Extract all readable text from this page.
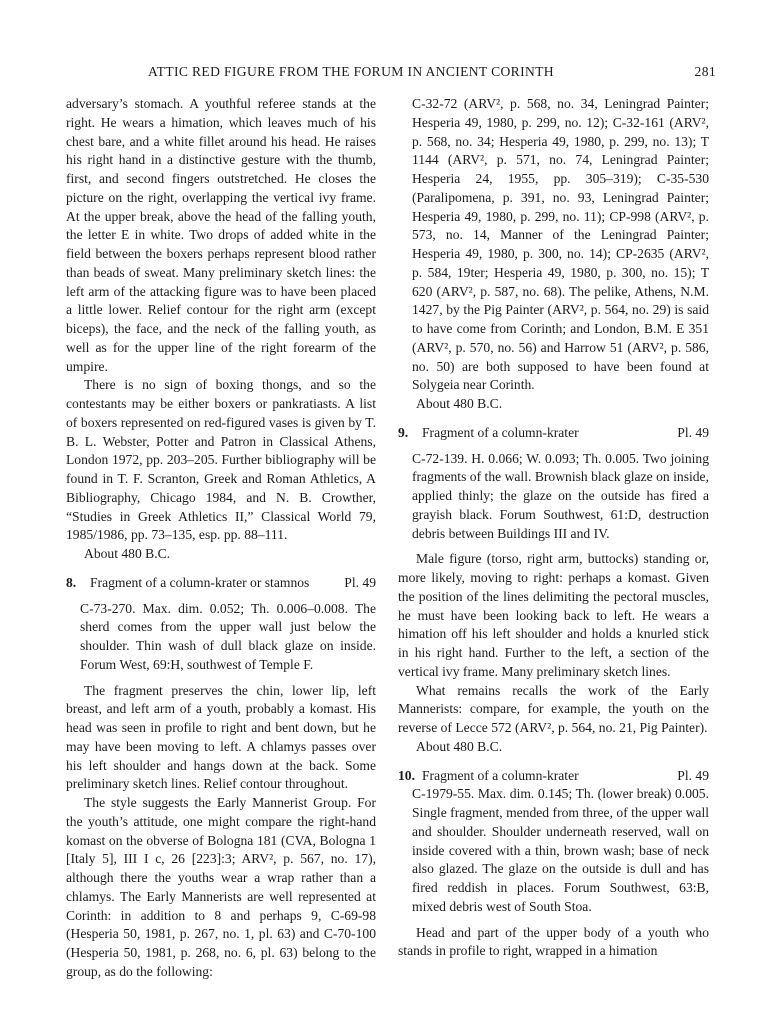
ATTIC RED FIGURE FROM THE FORUM IN ANCIENT CORINTH	281

adversary’s stomach. A youthful referee stands at the right. He wears a himation, which leaves much of his chest bare, and a white fillet around his head. He raises his right hand in a distinctive gesture with the thumb, first, and second fingers outstretched. He closes the picture on the right, overlapping the vertical ivy frame. At the upper break, above the head of the falling youth, the letter E in white. Two drops of added white in the field between the boxers perhaps represent blood rather than beads of sweat. Many preliminary sketch lines: the left arm of the attacking figure was to have been placed a little lower. Relief contour for the right arm (except biceps), the face, and the neck of the falling youth, as well as for the upper line of the right forearm of the umpire.

There is no sign of boxing thongs, and so the contestants may be either boxers or pankratiasts. A list of boxers represented on red-figured vases is given by T. B. L. Webster, Potter and Patron in Classical Athens, London 1972, pp. 203–205. Further bibliography will be found in T. F. Scranton, Greek and Roman Athletics, A Bibliography, Chicago 1984, and N. B. Crowther, “Studies in Greek Athletics II,” Classical World 79, 1985/1986, pp. 73–135, esp. pp. 88–111.

About 480 B.C.

8.	Fragment of a column-krater or stamnos	Pl. 49

C-73-270. Max. dim. 0.052; Th. 0.006–0.008. The sherd comes from the upper wall just below the shoulder. Thin wash of dull black glaze on inside. Forum West, 69:H, southwest of Temple F.

The fragment preserves the chin, lower lip, left breast, and left arm of a youth, probably a komast. His head was seen in profile to right and bent down, but he may have been moving to left. A chlamys passes over his left shoulder and hangs down at the back. Some preliminary sketch lines. Relief contour throughout.

The style suggests the Early Mannerist Group. For the youth’s attitude, one might compare the right-hand komast on the obverse of Bologna 181 (CVA, Bologna 1 [Italy 5], III I c, 26 [223]:3; ARV², p. 567, no. 17), although there the youths wear a wrap rather than a chlamys. The Early Mannerists are well represented at Corinth: in addition to 8 and perhaps 9, C-69-98 (Hesperia 50, 1981, p. 267, no. 1, pl. 63) and C-70-100 (Hesperia 50, 1981, p. 268, no. 6, pl. 63) belong to the group, as do the following:

C-32-72 (ARV², p. 568, no. 34, Leningrad Painter; Hesperia 49, 1980, p. 299, no. 12); C-32-161 (ARV², p. 568, no. 34; Hesperia 49, 1980, p. 299, no. 13); T 1144 (ARV², p. 571, no. 74, Leningrad Painter; Hesperia 24, 1955, pp. 305–319); C-35-530 (Paralipomena, p. 391, no. 93, Leningrad Painter; Hesperia 49, 1980, p. 299, no. 11); CP-998 (ARV², p. 573, no. 14, Manner of the Leningrad Painter; Hesperia 49, 1980, p. 300, no. 14); CP-2635 (ARV², p. 584, 19ter; Hesperia 49, 1980, p. 300, no. 15); T 620 (ARV², p. 587, no. 68). The pelike, Athens, N.M. 1427, by the Pig Painter (ARV², p. 564, no. 29) is said to have come from Corinth; and London, B.M. E 351 (ARV², p. 570, no. 56) and Harrow 51 (ARV², p. 586, no. 50) are both supposed to have been found at Solygeia near Corinth.

About 480 B.C.

9.	Fragment of a column-krater	Pl. 49

C-72-139. H. 0.066; W. 0.093; Th. 0.005. Two joining fragments of the wall. Brownish black glaze on inside, applied thinly; the glaze on the outside has fired a grayish black. Forum Southwest, 61:D, destruction debris between Buildings III and IV.

Male figure (torso, right arm, buttocks) standing or, more likely, moving to right: perhaps a komast. Given the position of the lines delimiting the pectoral muscles, he must have been looking back to left. He wears a himation off his left shoulder and holds a knurled stick in his right hand. Further to the left, a section of the vertical ivy frame. Many preliminary sketch lines.

What remains recalls the work of the Early Mannerists: compare, for example, the youth on the reverse of Lecce 572 (ARV², p. 564, no. 21, Pig Painter).

About 480 B.C.

10. Fragment of a column-krater	Pl. 49

C-1979-55. Max. dim. 0.145; Th. (lower break) 0.005. Single fragment, mended from three, of the upper wall and shoulder. Shoulder underneath reserved, wall on inside covered with a thin, brown wash; base of neck also glazed. The glaze on the outside is dull and has fired reddish in places. Forum Southwest, 63:B, mixed debris west of South Stoa.

Head and part of the upper body of a youth who stands in profile to right, wrapped in a himation
